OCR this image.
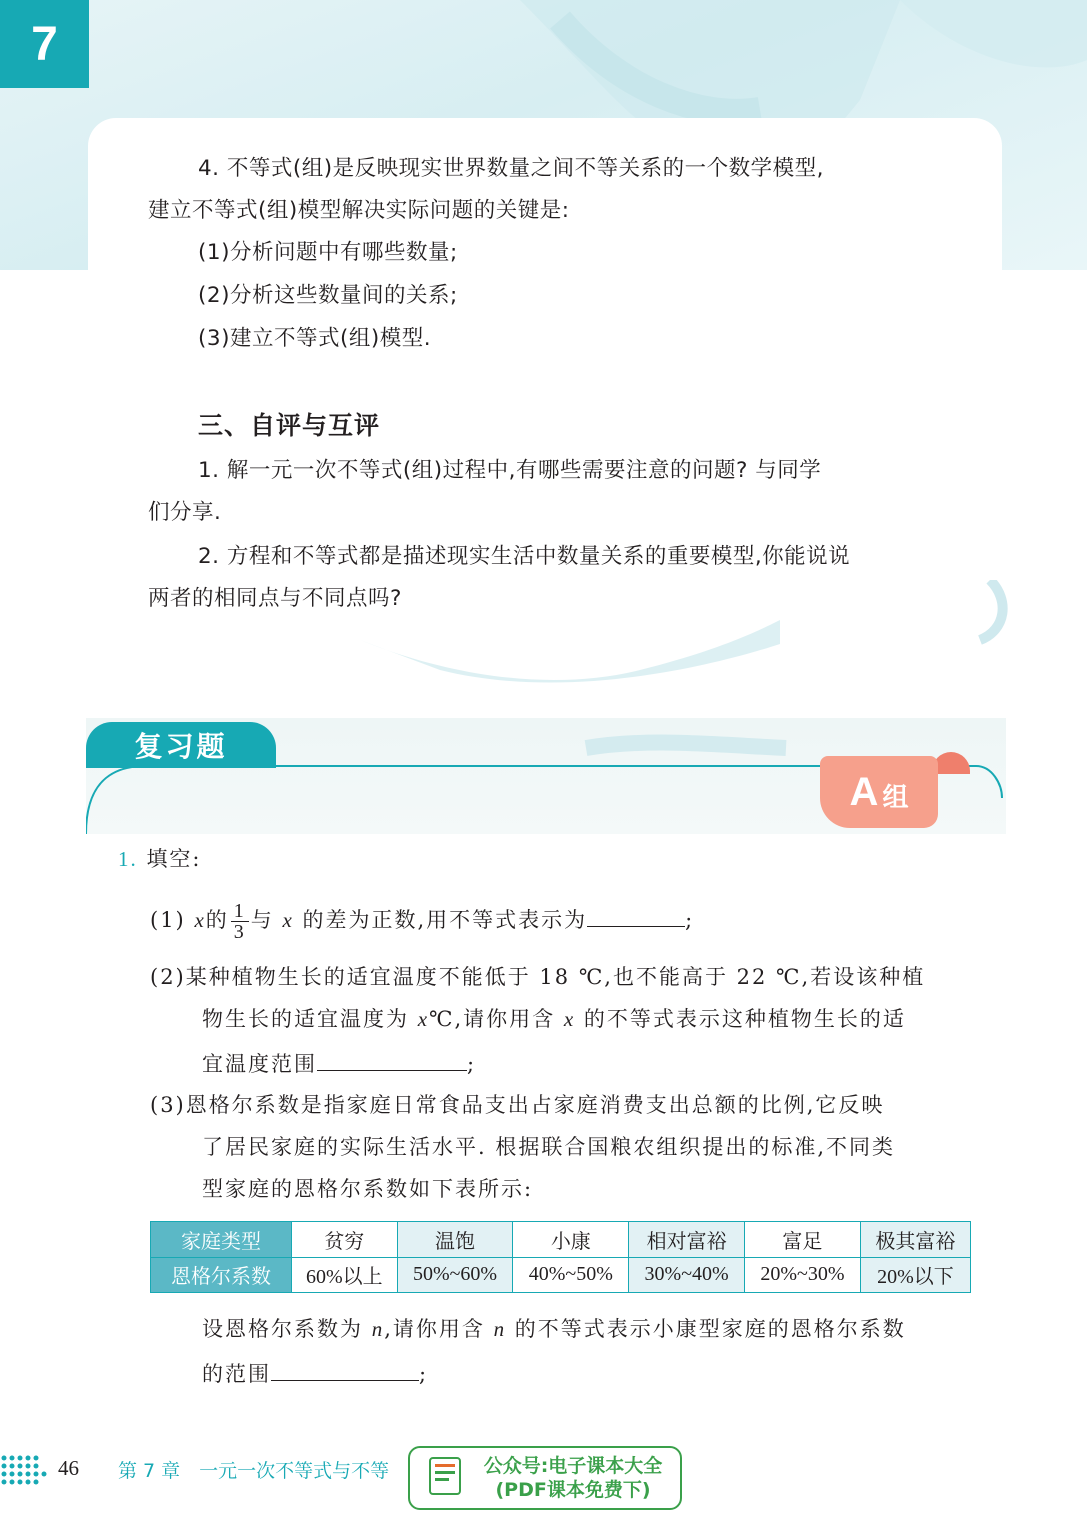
7
4. 不等式(组)是反映现实世界数量之间不等关系的一个数学模型,
建立不等式(组)模型解决实际问题的关键是:
(1)分析问题中有哪些数量;
(2)分析这些数量间的关系;
(3)建立不等式(组)模型.
三、自评与互评
1. 解一元一次不等式(组)过程中,有哪些需要注意的问题? 与同学
们分享.
2. 方程和不等式都是描述现实生活中数量关系的重要模型,你能说说
两者的相同点与不同点吗?
复习题
A 组
1. 填空:
(1) x的 $\frac{1}{3}$ 与 x 的差为正数,用不等式表示为	;
(2)某种植物生长的适宜温度不能低于 18 ℃,也不能高于 22 ℃,若设该种植
物生长的适宜温度为 x℃,请你用含 x 的不等式表示这种植物生长的适
宜温度范围	;
(3)恩格尔系数是指家庭日常食品支出占家庭消费支出总额的比例,它反映
了居民家庭的实际生活水平. 根据联合国粮农组织提出的标准,不同类
型家庭的恩格尔系数如下表所示:
家庭类型	贫穷	温饱	小康	相对富裕	富足	极其富裕
恩格尔系数	60%以上	50%~60%	40%~50%	30%~40%	20%~30%	20%以下
设恩格尔系数为 n,请你用含 n 的不等式表示小康型家庭的恩格尔系数
的范围	;
46 第 7 章　一元一次不等式与不等	公众号:电子课本大全
(PDF课本免费下)
